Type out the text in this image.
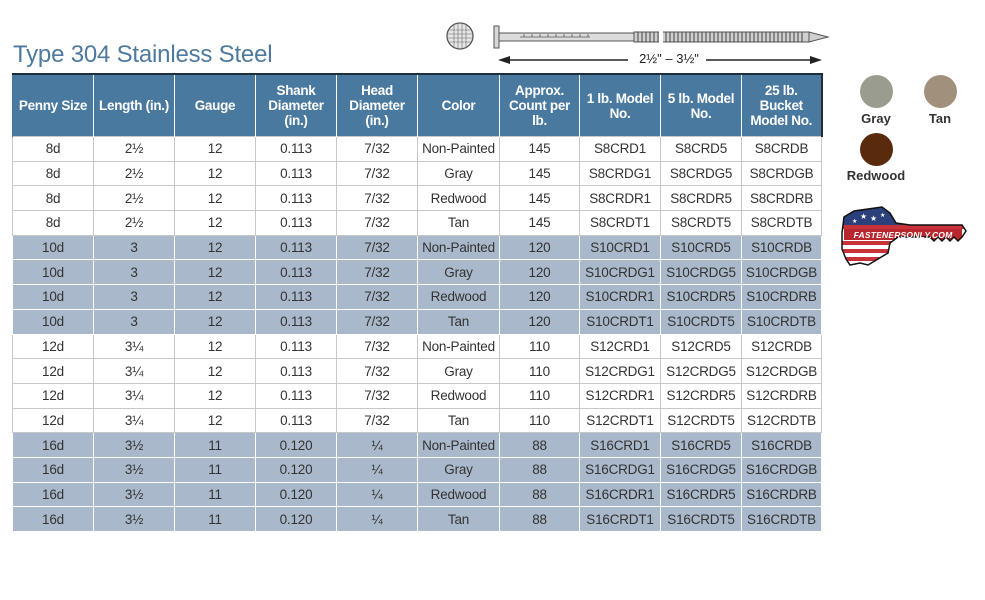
Type 304 Stainless Steel	2½" – 3½"
Penny Size	Length (in.)	Gauge	Shank Diameter (in.)	Head Diameter (in.)	Color	Approx. Count per lb.	1 lb. Model No.	5 lb. Model No.	25 lb. Bucket Model No.
8d	2½	12	0.113	7/32	Non-Painted	145	S8CRD1	S8CRD5	S8CRDB
8d	2½	12	0.113	7/32	Gray	145	S8CRDG1	S8CRDG5	S8CRDGB
8d	2½	12	0.113	7/32	Redwood	145	S8CRDR1	S8CRDR5	S8CRDRB
8d	2½	12	0.113	7/32	Tan	145	S8CRDT1	S8CRDT5	S8CRDTB
10d	3	12	0.113	7/32	Non-Painted	120	S10CRD1	S10CRD5	S10CRDB
10d	3	12	0.113	7/32	Gray	120	S10CRDG1	S10CRDG5	S10CRDGB
10d	3	12	0.113	7/32	Redwood	120	S10CRDR1	S10CRDR5	S10CRDRB
10d	3	12	0.113	7/32	Tan	120	S10CRDT1	S10CRDT5	S10CRDTB
12d	3¼	12	0.113	7/32	Non-Painted	110	S12CRD1	S12CRD5	S12CRDB
12d	3¼	12	0.113	7/32	Gray	110	S12CRDG1	S12CRDG5	S12CRDGB
12d	3¼	12	0.113	7/32	Redwood	110	S12CRDR1	S12CRDR5	S12CRDRB
12d	3¼	12	0.113	7/32	Tan	110	S12CRDT1	S12CRDT5	S12CRDTB
16d	3½	11	0.120	¼	Non-Painted	88	S16CRD1	S16CRD5	S16CRDB
16d	3½	11	0.120	¼	Gray	88	S16CRDG1	S16CRDG5	S16CRDGB
16d	3½	11	0.120	¼	Redwood	88	S16CRDR1	S16CRDR5	S16CRDRB
16d	3½	11	0.120	¼	Tan	88	S16CRDT1	S16CRDT5	S16CRDTB
Gray	Tan
Redwood
★ ★
★
★
FASTENERSONLY.COM
